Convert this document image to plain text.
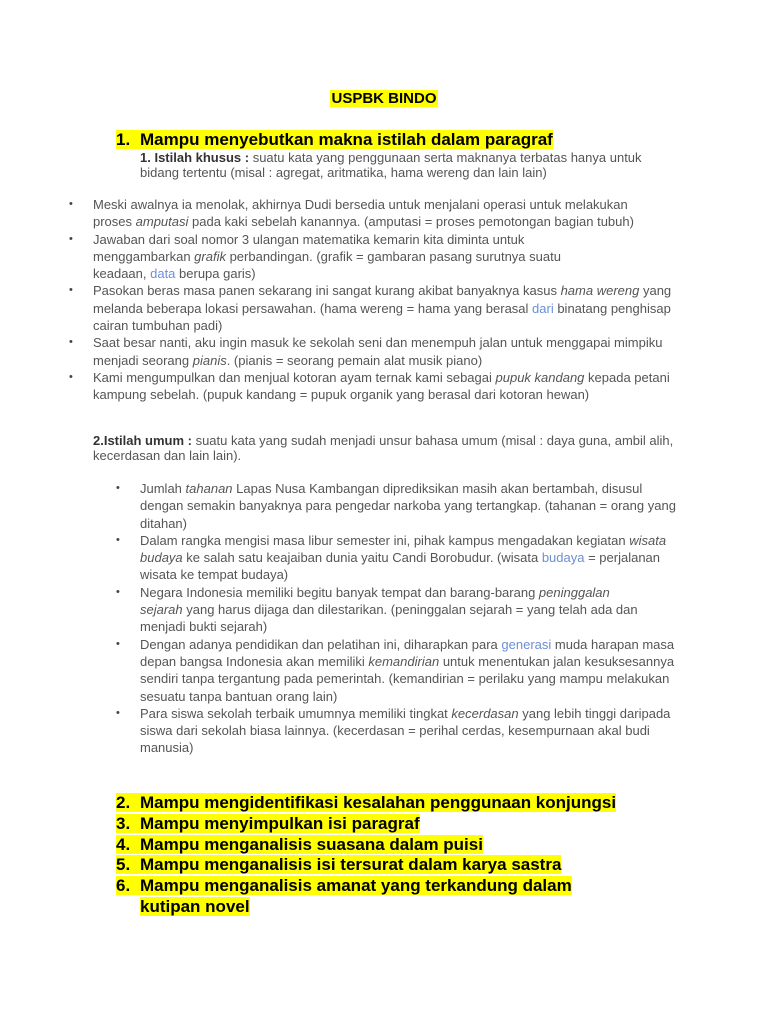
USPBK BINDO
1. Mampu menyebutkan makna istilah dalam paragraf
1. Istilah khusus : suatu kata yang penggunaan serta maknanya terbatas hanya untuk
bidang tertentu (misal : agregat, aritmatika, hama wereng dan lain lain)
• Meski awalnya ia menolak, akhirnya Dudi bersedia untuk menjalani operasi untuk melakukan
proses amputasi pada kaki sebelah kanannya. (amputasi = proses pemotongan bagian tubuh)
• Jawaban dari soal nomor 3 ulangan matematika kemarin kita diminta untuk
menggambarkan grafik perbandingan. (grafik = gambaran pasang surutnya suatu
keadaan, data berupa garis)
• Pasokan beras masa panen sekarang ini sangat kurang akibat banyaknya kasus hama wereng yang
melanda beberapa lokasi persawahan. (hama wereng = hama yang berasal dari binatang penghisap
cairan tumbuhan padi)
• Saat besar nanti, aku ingin masuk ke sekolah seni dan menempuh jalan untuk menggapai mimpiku
menjadi seorang pianis. (pianis = seorang pemain alat musik piano)
• Kami mengumpulkan dan menjual kotoran ayam ternak kami sebagai pupuk kandang kepada petani
kampung sebelah. (pupuk kandang = pupuk organik yang berasal dari kotoran hewan)
2.Istilah umum : suatu kata yang sudah menjadi unsur bahasa umum (misal : daya guna, ambil alih,
kecerdasan dan lain lain).
• Jumlah tahanan Lapas Nusa Kambangan diprediksikan masih akan bertambah, disusul
dengan semakin banyaknya para pengedar narkoba yang tertangkap. (tahanan = orang yang
ditahan)
• Dalam rangka mengisi masa libur semester ini, pihak kampus mengadakan kegiatan wisata
budaya ke salah satu keajaiban dunia yaitu Candi Borobudur. (wisata budaya = perjalanan
wisata ke tempat budaya)
• Negara Indonesia memiliki begitu banyak tempat dan barang-barang peninggalan
sejarah yang harus dijaga dan dilestarikan. (peninggalan sejarah = yang telah ada dan
menjadi bukti sejarah)
• Dengan adanya pendidikan dan pelatihan ini, diharapkan para generasi muda harapan masa
depan bangsa Indonesia akan memiliki kemandirian untuk menentukan jalan kesuksesannya
sendiri tanpa tergantung pada pemerintah. (kemandirian = perilaku yang mampu melakukan
sesuatu tanpa bantuan orang lain)
• Para siswa sekolah terbaik umumnya memiliki tingkat kecerdasan yang lebih tinggi daripada
siswa dari sekolah biasa lainnya. (kecerdasan = perihal cerdas, kesempurnaan akal budi
manusia)
2. Mampu mengidentifikasi kesalahan penggunaan konjungsi
3. Mampu menyimpulkan isi paragraf
4. Mampu menganalisis suasana dalam puisi
5. Mampu menganalisis isi tersurat dalam karya sastra
6. Mampu menganalisis amanat yang terkandung dalam
kutipan novel
